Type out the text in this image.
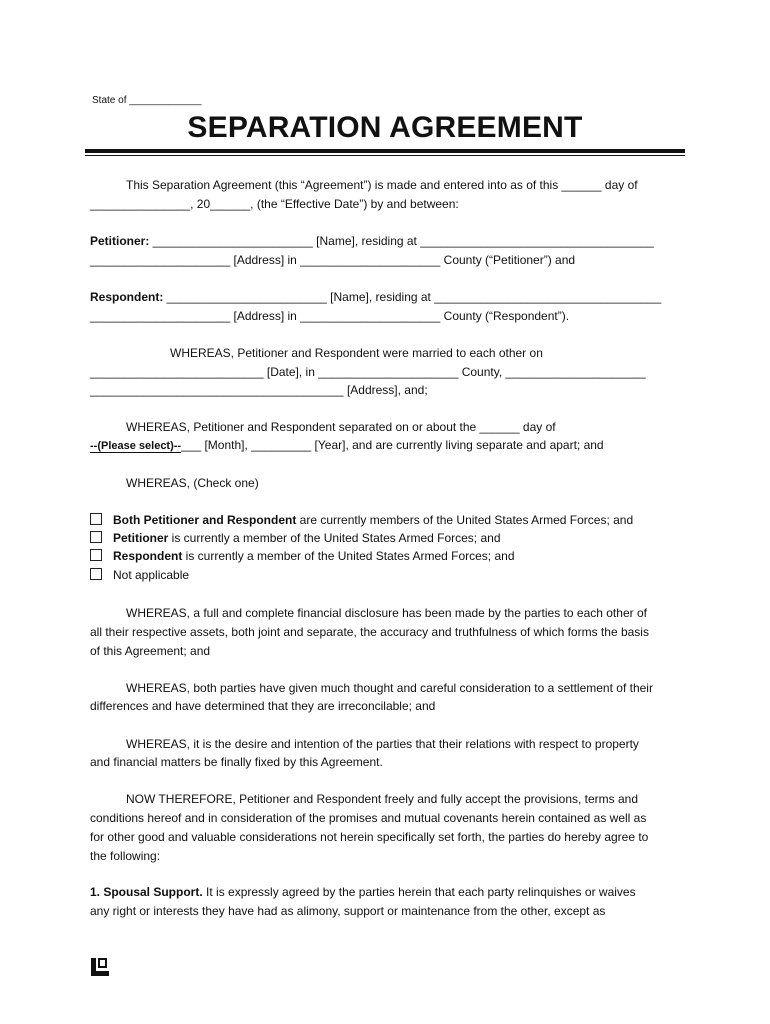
State of _____________
SEPARATION AGREEMENT
This Separation Agreement (this “Agreement”) is made and entered into as of this ______ day of
_______________, 20______, (the “Effective Date”) by and between:
Petitioner: ________________________ [Name], residing at ___________________________________
_____________________ [Address] in _____________________ County (“Petitioner”) and
Respondent: ________________________ [Name], residing at __________________________________
_____________________ [Address] in _____________________ County (“Respondent”).
WHEREAS, Petitioner and Respondent were married to each other on
__________________________ [Date], in _____________________ County, _____________________
______________________________________ [Address], and;
WHEREAS, Petitioner and Respondent separated on or about the ______ day of
--(Please select)--___ [Month], _________ [Year], and are currently living separate and apart; and
WHEREAS, (Check one)
Both Petitioner and Respondent are currently members of the United States Armed Forces; and
Petitioner is currently a member of the United States Armed Forces; and
Respondent is currently a member of the United States Armed Forces; and
Not applicable
WHEREAS, a full and complete financial disclosure has been made by the parties to each other of
all their respective assets, both joint and separate, the accuracy and truthfulness of which forms the basis
of this Agreement; and
WHEREAS, both parties have given much thought and careful consideration to a settlement of their
differences and have determined that they are irreconcilable; and
WHEREAS, it is the desire and intention of the parties that their relations with respect to property
and financial matters be finally fixed by this Agreement.
NOW THEREFORE, Petitioner and Respondent freely and fully accept the provisions, terms and
conditions hereof and in consideration of the promises and mutual covenants herein contained as well as
for other good and valuable considerations not herein specifically set forth, the parties do hereby agree to
the following:
1. Spousal Support. It is expressly agreed by the parties herein that each party relinquishes or waives
any right or interests they have had as alimony, support or maintenance from the other, except as
